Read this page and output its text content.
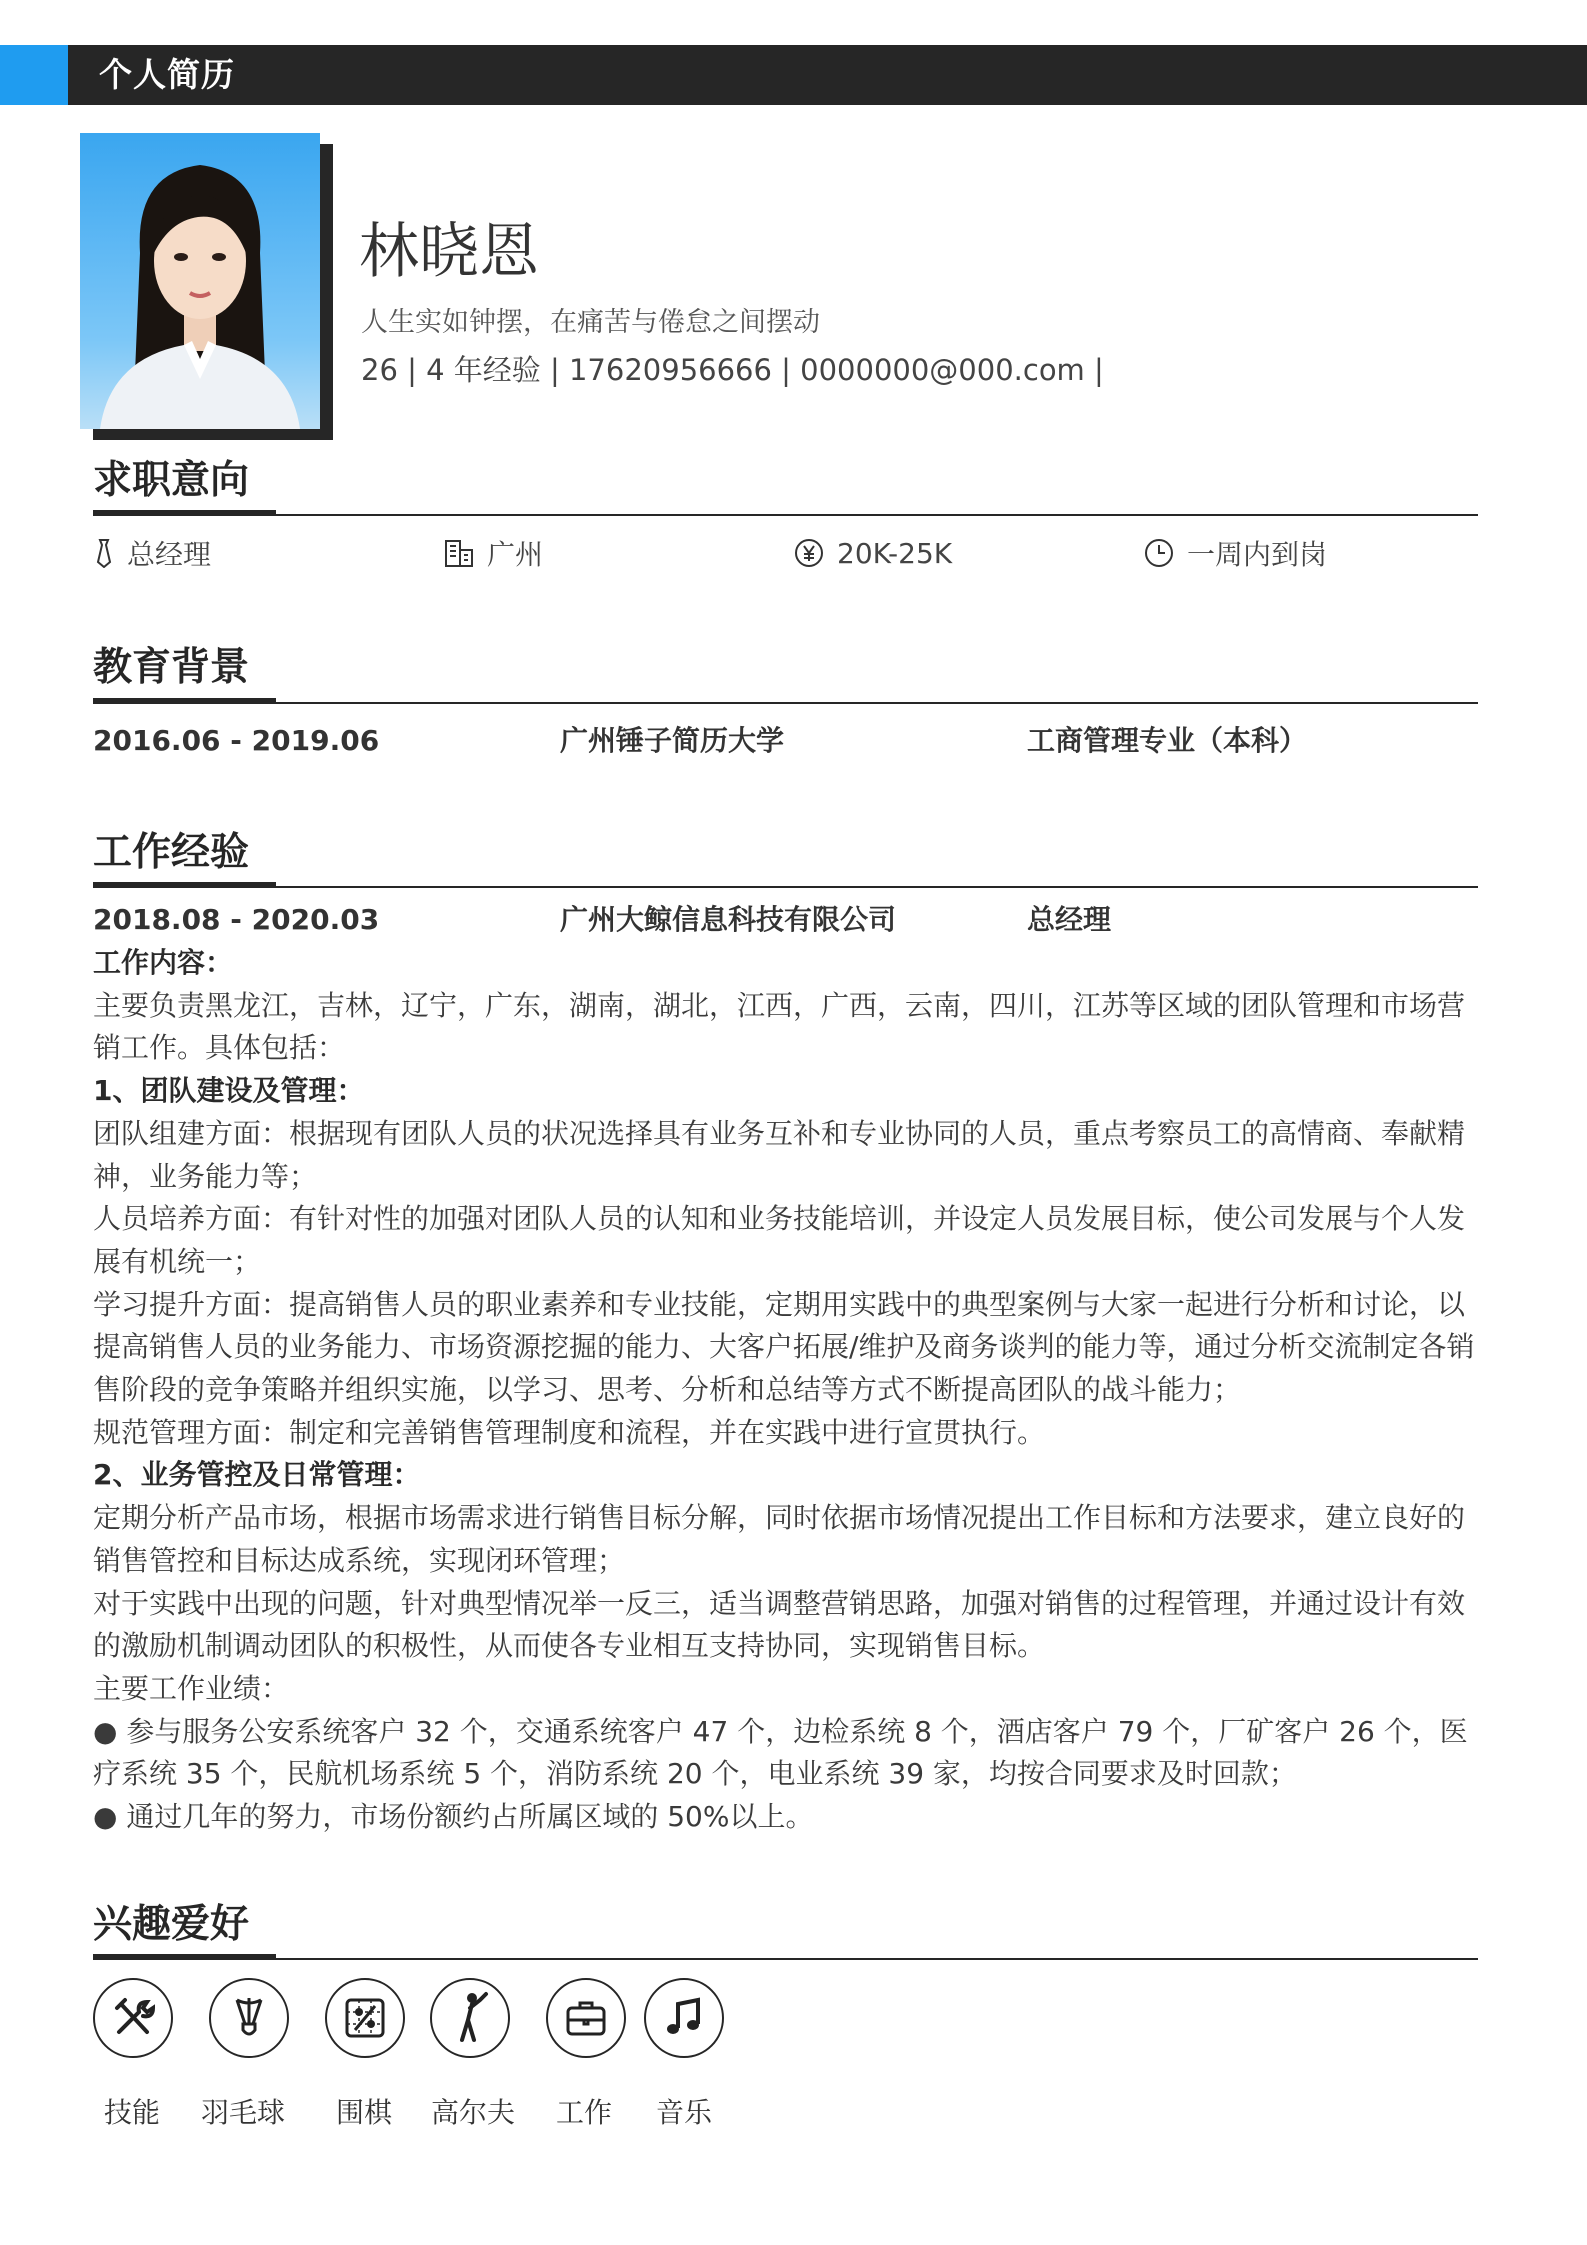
个人简历
林晓恩
人生实如钟摆，在痛苦与倦怠之间摆动
26 | 4 年经验 | 17620956666 | 0000000@000.com |
求职意向
总经理	广州	20K-25K	一周内到岗
教育背景
2016.06 - 2019.06	广州锤子简历大学	工商管理专业（本科）
工作经验
2018.08 - 2020.03	广州大鲸信息科技有限公司	总经理

工作内容：

主要负责黑龙江，吉林，辽宁，广东，湖南，湖北，江西，广西，云南，四川，江苏等区域的团队管理和市场营销工作。具体包括：

1、团队建设及管理：

团队组建方面：根据现有团队人员的状况选择具有业务互补和专业协同的人员，重点考察员工的高情商、奉献精神，业务能力等；

人员培养方面：有针对性的加强对团队人员的认知和业务技能培训，并设定人员发展目标，使公司发展与个人发展有机统一；

学习提升方面：提高销售人员的职业素养和专业技能，定期用实践中的典型案例与大家一起进行分析和讨论，以提高销售人员的业务能力、市场资源挖掘的能力、大客户拓展/维护及商务谈判的能力等，通过分析交流制定各销售阶段的竞争策略并组织实施，以学习、思考、分析和总结等方式不断提高团队的战斗能力；

规范管理方面：制定和完善销售管理制度和流程，并在实践中进行宣贯执行。

2、业务管控及日常管理：

定期分析产品市场，根据市场需求进行销售目标分解，同时依据市场情况提出工作目标和方法要求，建立良好的销售管控和目标达成系统，实现闭环管理；

对于实践中出现的问题，针对典型情况举一反三，适当调整营销思路，加强对销售的过程管理，并通过设计有效的激励机制调动团队的积极性，从而使各专业相互支持协同，实现销售目标。

主要工作业绩：

● 参与服务公安系统客户 32 个，交通系统客户 47 个，边检系统 8 个，酒店客户 79 个，厂矿客户 26 个，医疗系统 35 个，民航机场系统 5 个，消防系统 20 个，电业系统 39 家，均按合同要求及时回款；

● 通过几年的努力，市场份额约占所属区域的 50%以上。

兴趣爱好
技能 羽毛球 围棋 高尔夫 工作 音乐
